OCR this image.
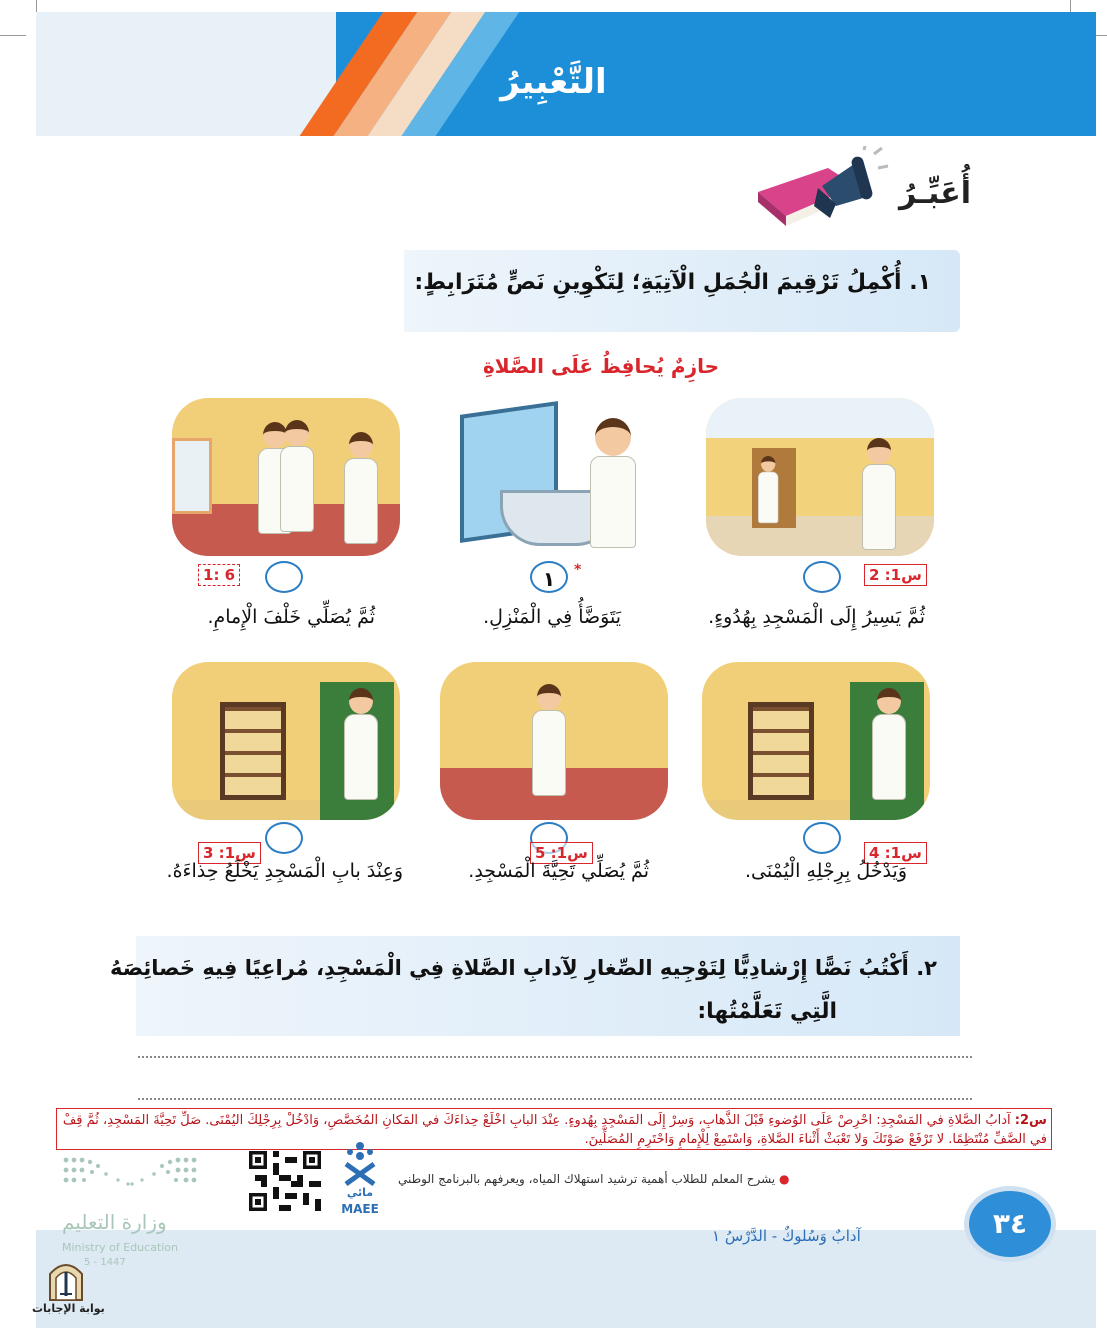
التَّعْبِيرُ
أُعَبِّـرُ
١. أُكْمِلُ تَرْقِيمَ الْجُمَلِ الْآتِيَةِ؛ لِتَكْوِينِ نَصٍّ مُتَرَابِطٍ:
حازِمٌ يُحافِظُ عَلَى الصَّلاةِ
س1: 2
ثُمَّ يَسِيرُ إِلَى الْمَسْجِدِ بِهُدُوءٍ.
١	*
يَتَوَضَّأُ فِي الْمَنْزِلِ.
6 :1
ثُمَّ يُصَلِّي خَلْفَ الْإِمامِ.
س1: 4
وَيَدْخُلُ بِرِجْلِهِ الْيُمْنَى.
س1: 5
ثُمَّ يُصَلِّي تَحِيَّةَ الْمَسْجِدِ.
س1: 3
وَعِنْدَ بابِ الْمَسْجِدِ يَخْلَعُ حِذاءَهُ.
٢. أَكْتُبُ نَصًّا إِرْشادِيًّا لِتَوْجِيهِ الصِّغارِ لِآدابِ الصَّلاةِ فِي الْمَسْجِدِ، مُراعِيًا فِيهِ خَصائِصَهُ
الَّتِي تَعَلَّمْتُها:
س2: آدابُ الصَّلاةِ في المَسْجِدِ: احْرِصْ عَلَى الوُضوءِ قَبْلَ الذَّهابِ، وَسِرْ إِلَى المَسْجِدِ بِهُدوءٍ. عِنْدَ البابِ اخْلَعْ حِذاءَكَ في المَكانِ المُخَصَّصِ، وَادْخُلْ بِرِجْلِكَ اليُمْنَى. صَلِّ تَحِيَّةَ المَسْجِدِ، ثُمَّ قِفْ في الصَّفِّ مُنْتَظِمًا. لا تَرْفَعْ صَوْتَكَ وَلا تَعْبَثْ أَثْناءَ الصَّلاةِ، وَاسْتَمِعْ لِلْإِمامِ وَاحْتَرِمِ المُصَلِّينَ.
● يشرح المعلم للطلاب أهمية ترشيد استهلاك المياه، ويعرفهم بالبرنامج الوطني
مائي
MAEE
وزارة التعليم
Ministry of Education
5 - 1447
٣٤
آدابٌ وَسُلوكٌ - الدَّرْسُ ١
بوابة الإجابات
